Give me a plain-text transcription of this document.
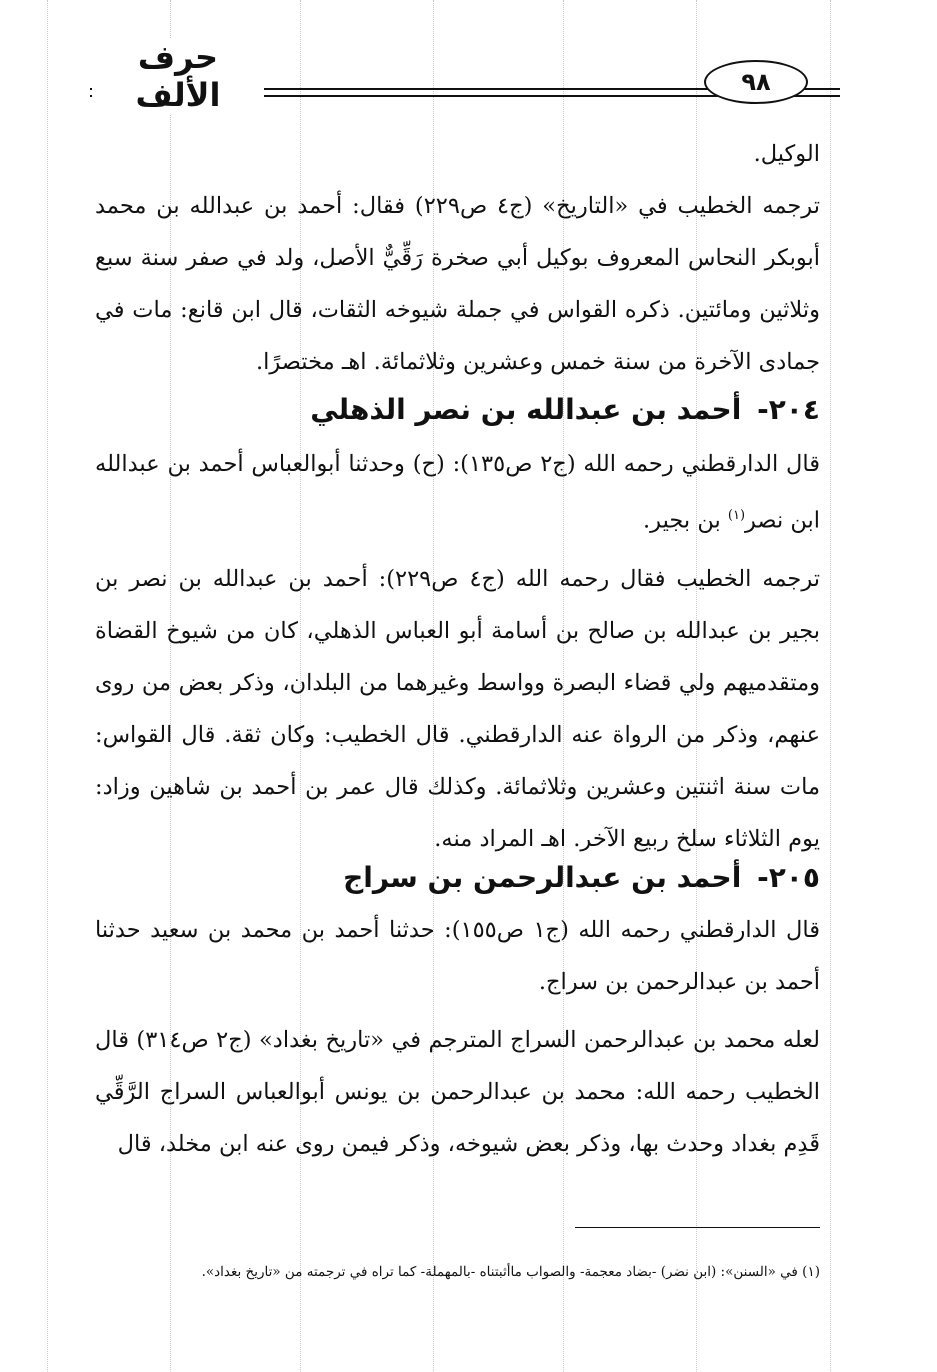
حرف الألف	٩٨

الوكيل.

ترجمه الخطيب في «التاريخ» (ج٤ ص٢٢٩) فقال: أحمد بن عبدالله بن محمد أبوبكر النحاس المعروف بوكيل أبي صخرة رَقِّيٌّ الأصل، ولد في صفر سنة سبع وثلاثين ومائتين. ذكره القواس في جملة شيوخه الثقات، قال ابن قانع: مات في جمادى الآخرة من سنة خمس وعشرين وثلاثمائة. اهـ مختصرًا.

٢٠٤- أحمد بن عبدالله بن نصر الذهلي

قال الدارقطني رحمه الله (ج٢ ص١٣٥): (ح) وحدثنا أبوالعباس أحمد بن عبدالله ابن نصر$^{(١)}$ بن بجير.

ترجمه الخطيب فقال رحمه الله (ج٤ ص٢٢٩): أحمد بن عبدالله بن نصر بن بجير بن عبدالله بن صالح بن أسامة أبو العباس الذهلي، كان من شيوخ القضاة ومتقدميهم ولي قضاء البصرة وواسط وغيرهما من البلدان، وذكر بعض من روى عنهم، وذكر من الرواة عنه الدارقطني. قال الخطيب: وكان ثقة. قال القواس: مات سنة اثنتين وعشرين وثلاثمائة. وكذلك قال عمر بن أحمد بن شاهين وزاد: يوم الثلاثاء سلخ ربيع الآخر. اهـ المراد منه.

٢٠٥- أحمد بن عبدالرحمن بن سراج

قال الدارقطني رحمه الله (ج١ ص١٥٥): حدثنا أحمد بن محمد بن سعيد حدثنا أحمد بن عبدالرحمن بن سراج.

لعله محمد بن عبدالرحمن السراج المترجم في «تاريخ بغداد» (ج٢ ص٣١٤) قال الخطيب رحمه الله: محمد بن عبدالرحمن بن يونس أبوالعباس السراج الرَّقِّي قَدِم بغداد وحدث بها، وذكر بعض شيوخه، وذكر فيمن روى عنه ابن مخلد، قال

(١) في «السنن»: (ابن نضر) -بضاد معجمة- والصواب ماأثبتناه -بالمهملة- كما تراه في ترجمته من «تاريخ بغداد».
